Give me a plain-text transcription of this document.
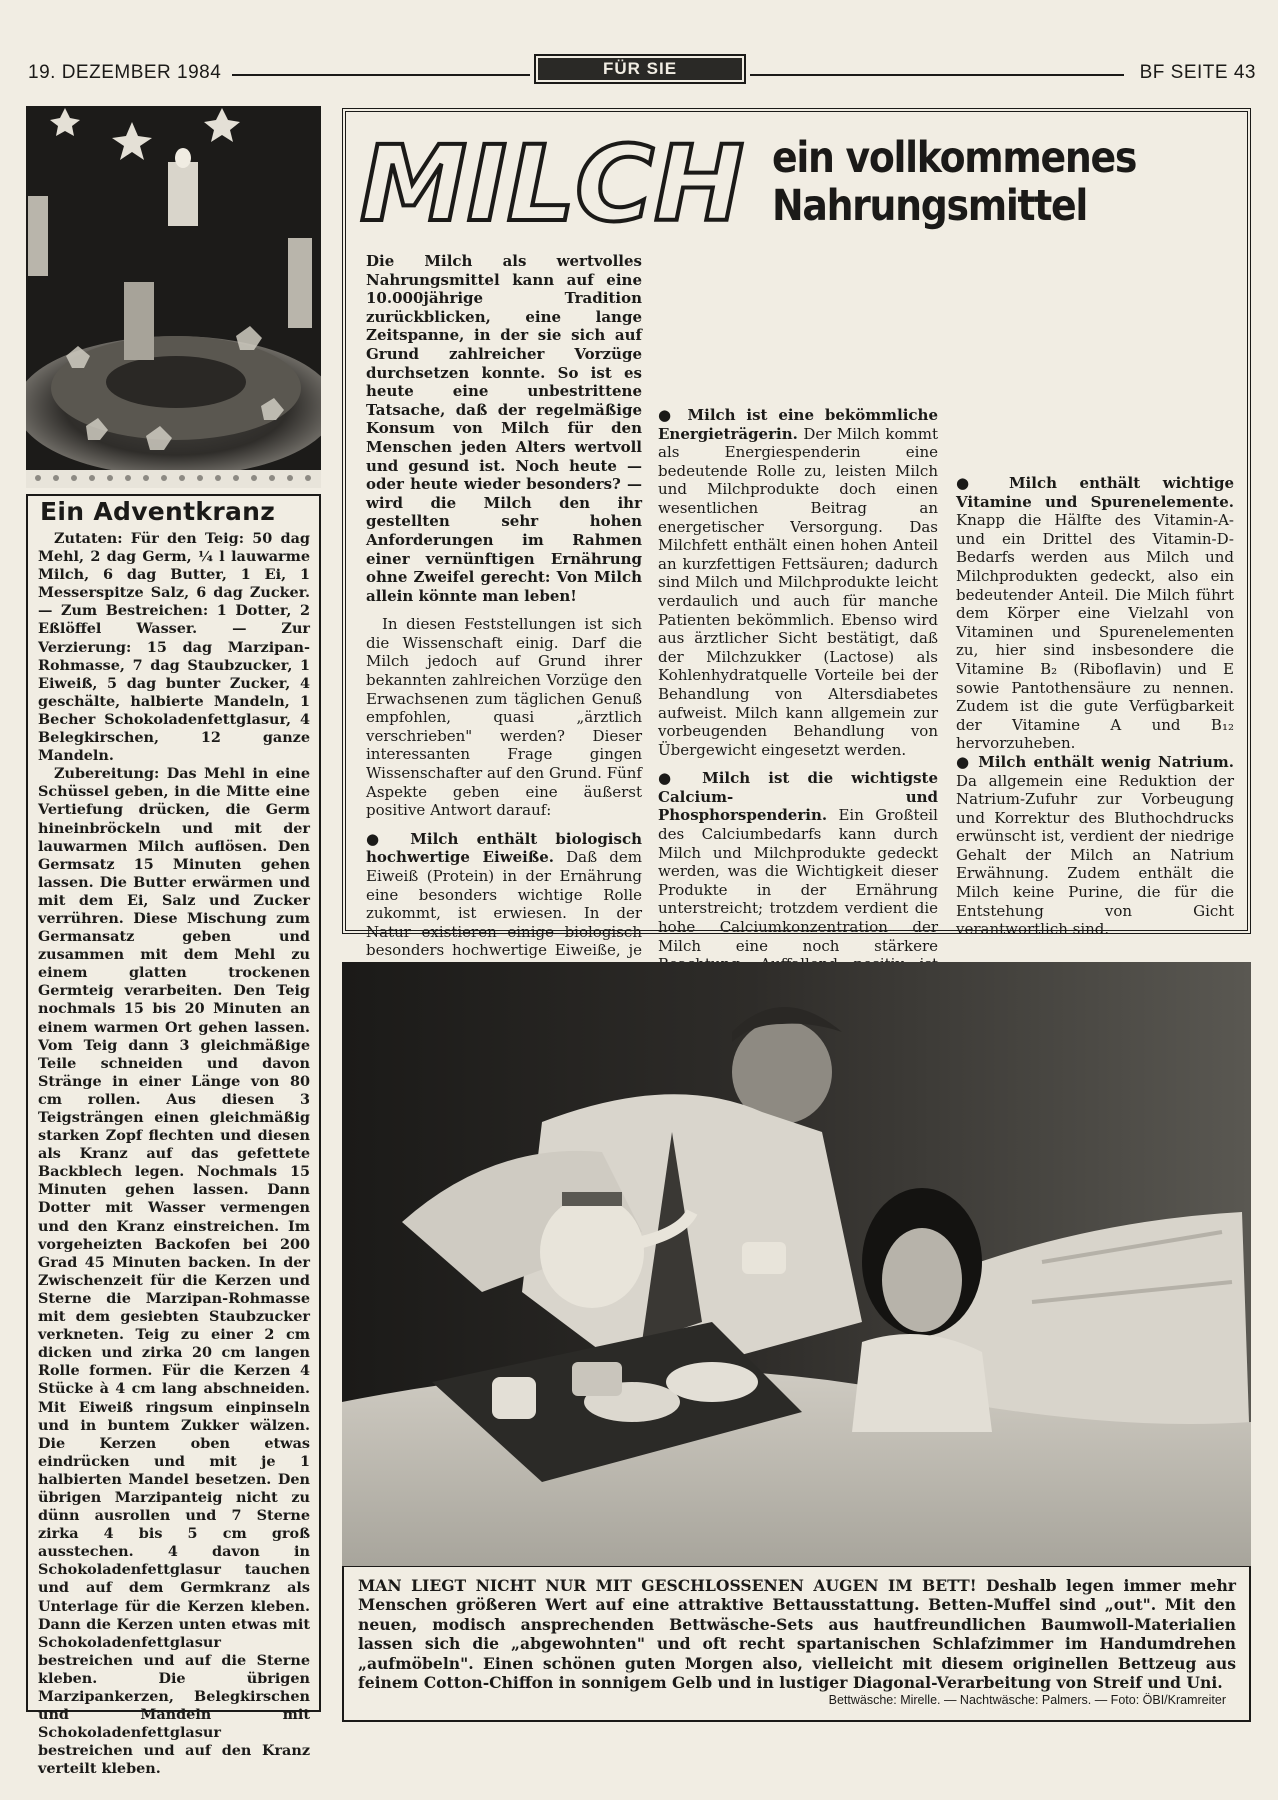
19. DEZEMBER 1984	FÜR SIE	BF SEITE 43
Ein Adventkranz

Zutaten: Für den Teig: 50 dag Mehl, 2 dag Germ, ¼ l lauwarme Milch, 6 dag Butter, 1 Ei, 1 Messerspitze Salz, 6 dag Zucker. — Zum Bestreichen: 1 Dotter, 2 Eßlöffel Wasser. — Zur Verzierung: 15 dag Marzipan-Rohmasse, 7 dag Staubzucker, 1 Eiweiß, 5 dag bunter Zucker, 4 geschälte, halbierte Mandeln, 1 Becher Schokoladenfettglasur, 4 Belegkirschen, 12 ganze Mandeln.

Zubereitung: Das Mehl in eine Schüssel geben, in die Mitte eine Vertiefung drücken, die Germ hineinbröckeln und mit der lauwarmen Milch auflösen. Den Germsatz 15 Minuten gehen lassen. Die Butter erwärmen und mit dem Ei, Salz und Zucker verrühren. Diese Mischung zum Germansatz geben und zusammen mit dem Mehl zu einem glatten trockenen Germteig verarbeiten. Den Teig nochmals 15 bis 20 Minuten an einem warmen Ort gehen lassen. Vom Teig dann 3 gleichmäßige Teile schneiden und davon Stränge in einer Länge von 80 cm rollen. Aus diesen 3 Teigsträngen einen gleichmäßig starken Zopf flechten und diesen als Kranz auf das gefettete Backblech legen. Nochmals 15 Minuten gehen lassen. Dann Dotter mit Wasser vermengen und den Kranz einstreichen. Im vorgeheizten Backofen bei 200 Grad 45 Minuten backen. In der Zwischenzeit für die Kerzen und Sterne die Marzipan-Rohmasse mit dem gesiebten Staubzucker verkneten. Teig zu einer 2 cm dicken und zirka 20 cm langen Rolle formen. Für die Kerzen 4 Stücke à 4 cm lang abschneiden. Mit Eiweiß ringsum einpinseln und in buntem Zukker wälzen. Die Kerzen oben etwas eindrücken und mit je 1 halbierten Mandel besetzen. Den übrigen Marzipanteig nicht zu dünn ausrollen und 7 Sterne zirka 4 bis 5 cm groß ausstechen. 4 davon in Schokoladenfettglasur tauchen und auf dem Germkranz als Unterlage für die Kerzen kleben. Dann die Kerzen unten etwas mit Schokoladenfettglasur bestreichen und auf die Sterne kleben. Die übrigen Marzipankerzen, Belegkirschen und Mandeln mit Schokoladenfettglasur bestreichen und auf den Kranz verteilt kleben.

MILCH ein vollkommenes
Nahrungsmittel

Die Milch als wertvolles Nahrungsmittel kann auf eine 10.000jährige Tradition zurückblicken, eine lange Zeitspanne, in der sie sich auf Grund zahlreicher Vorzüge durchsetzen konnte. So ist es heute eine unbestrittene Tatsache, daß der regelmäßige Konsum von Milch für den Menschen jeden Alters wertvoll und gesund ist. Noch heute — oder heute wieder besonders? — wird die Milch den ihr gestellten sehr hohen Anforderungen im Rahmen einer vernünftigen Ernährung ohne Zweifel gerecht: Von Milch allein könnte man leben!

In diesen Feststellungen ist sich die Wissenschaft einig. Darf die Milch jedoch auf Grund ihrer bekannten zahlreichen Vorzüge den Erwachsenen zum täglichen Genuß empfohlen, quasi „ärztlich verschrieben" werden? Dieser interessanten Frage gingen Wissenschafter auf den Grund. Fünf Aspekte geben eine äußerst positive Antwort darauf:

● Milch enthält biologisch hochwertige Eiweiße. Daß dem Eiweiß (Protein) in der Ernährung eine besonders wichtige Rolle zukommt, ist erwiesen. In der Natur existieren einige biologisch besonders hochwertige Eiweiße, je

● Milch ist eine bekömmliche Energieträgerin. Der Milch kommt als Energiespenderin eine bedeutende Rolle zu, leisten Milch und Milchprodukte doch einen wesentlichen Beitrag an energetischer Versorgung. Das Milchfett enthält einen hohen Anteil an kurzfettigen Fettsäuren; dadurch sind Milch und Milchprodukte leicht verdaulich und auch für manche Patienten bekömmlich. Ebenso wird aus ärztlicher Sicht bestätigt, daß der Milchzukker (Lactose) als Kohlenhydratquelle Vorteile bei der Behandlung von Altersdiabetes aufweist. Milch kann allgemein zur vorbeugenden Behandlung von Übergewicht eingesetzt werden.

● Milch ist die wichtigste Calcium- und Phosphorspenderin. Ein Großteil des Calciumbedarfs kann durch Milch und Milchprodukte gedeckt werden, was die Wichtigkeit dieser Produkte in der Ernährung unterstreicht; trotzdem verdient die hohe Calciumkonzentration der Milch eine noch stärkere

● Milch enthält wichtige Vitamine und Spurenelemente. Knapp die Hälfte des Vitamin-A- und ein Drittel des Vitamin-D-Bedarfs werden aus Milch und Milchprodukten gedeckt, also ein bedeutender Anteil. Die Milch führt dem Körper eine Vielzahl von Vitaminen und Spurenelementen zu, hier sind insbesondere die Vitamine B₂ (Riboflavin) und E sowie Pantothensäure zu nennen. Zudem ist die gute Verfügbarkeit der Vitamine A und B₁₂ hervorzuheben.

● Milch enthält wenig Natrium. Da allgemein eine Reduktion der Natrium-Zufuhr zur Vorbeugung und Korrektur des Bluthochdrucks erwünscht ist, verdient der niedrige Gehalt der Milch an Natrium Erwähnung. Zudem enthält die Milch keine Purine, die für die Entstehung von Gicht verantwortlich sind.

MAN LIEGT NICHT NUR MIT GESCHLOSSENEN AUGEN IM BETT! Deshalb legen immer mehr Menschen größeren Wert auf eine attraktive Bettausstattung. Betten-Muffel sind „out". Mit den neuen, modisch ansprechenden Bettwäsche-Sets aus hautfreundlichen Baumwoll-Materialien lassen sich die „abgewohnten" und oft recht spartanischen Schlafzimmer im Handumdrehen „aufmöbeln". Einen schönen guten Morgen also, vielleicht mit diesem originellen Bettzeug aus feinem Cotton-Chiffon in sonnigem Gelb und in lustiger Diagonal-Verarbeitung von Streif und Uni.
Bettwäsche: Mirelle. — Nachtwäsche: Palmers. — Foto: ÖBI/Kramreiter
